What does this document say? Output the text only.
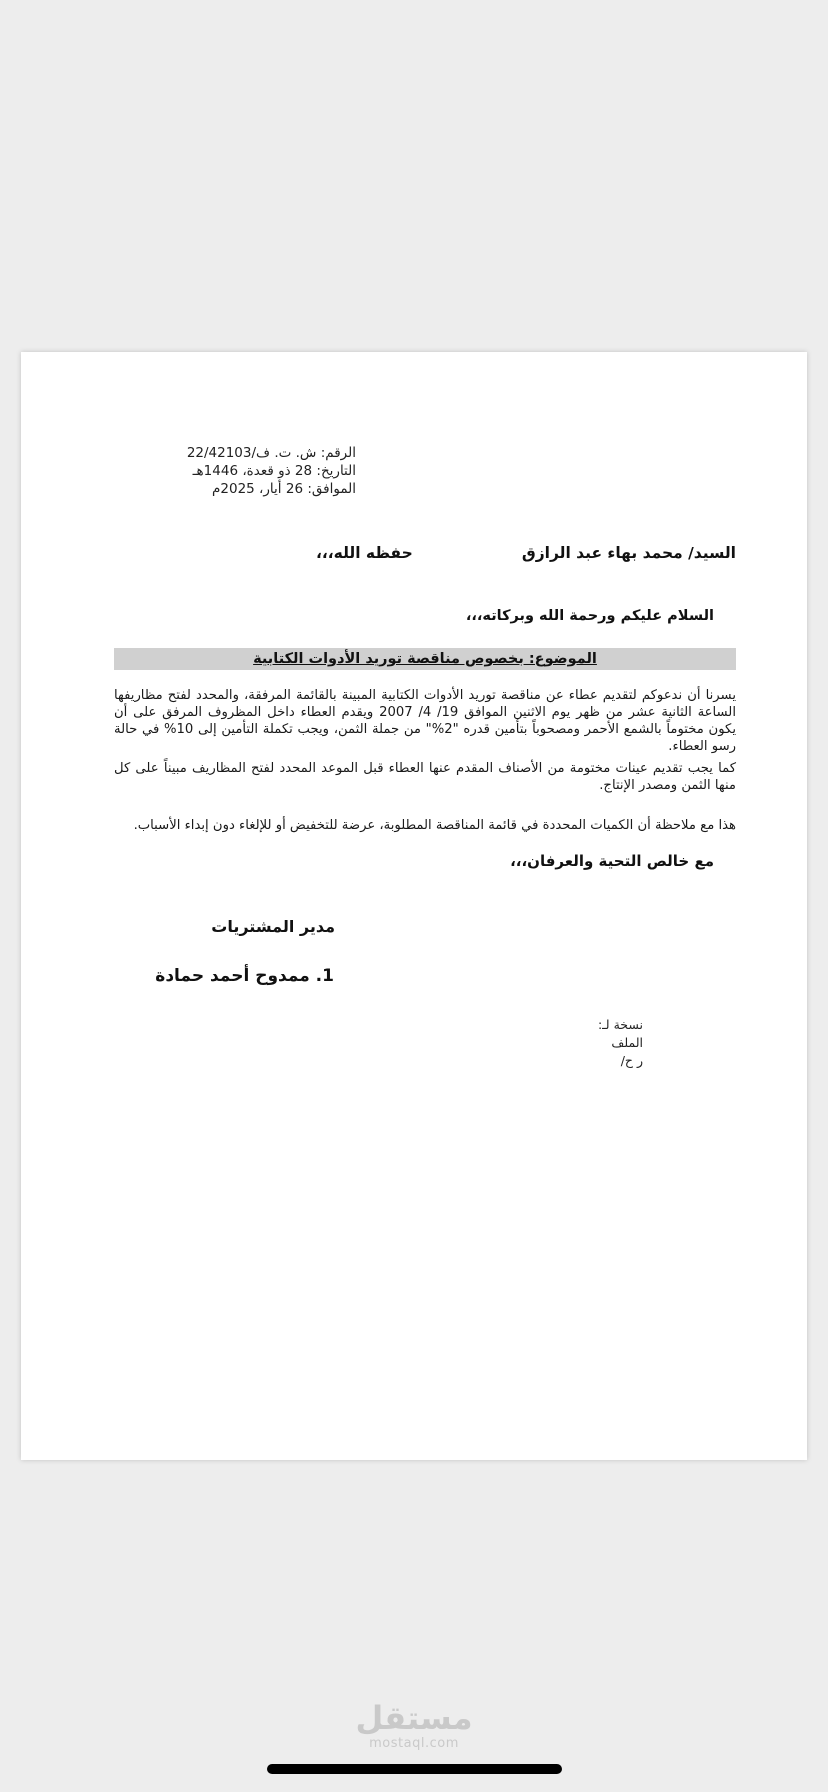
الرقم: ش. ت. ف/22/42103
التاريخ: 28 ذو قعدة، 1446هـ
الموافق: 26 أيار، 2025م
السيد/ محمد بهاء عبد الرازق
حفظه الله،،،
السلام عليكم ورحمة الله وبركاته،،،
الموضوع: بخصوص مناقصة توريد الأدوات الكتابية
يسرنا أن ندعوكم لتقديم عطاء عن مناقصة توريد الأدوات الكتابية المبينة بالقائمة المرفقة، والمحدد لفتح مظاريفها الساعة الثانية عشر من ظهر يوم الاثنين الموافق 19/ 4/ 2007 ويقدم العطاء داخل المظروف المرفق على أن يكون مختوماً بالشمع الأحمر ومصحوباً بتأمين قدره "2%" من جملة الثمن، ويجب تكملة التأمين إلى 10% في حالة رسو العطاء.
كما يجب تقديم عينات مختومة من الأصناف المقدم عنها العطاء قبل الموعد المحدد لفتح المظاريف مبيناً على كل منها الثمن ومصدر الإنتاج.
هذا مع ملاحظة أن الكميات المحددة في قائمة المناقصة المطلوبة، عرضة للتخفيض أو للإلغاء دون إبداء الأسباب.
مع خالص التحية والعرفان،،،
مدير المشتريات
1. ممدوح أحمد حمادة
نسخة لـ:
الملف
ر ح/
مستقل
mostaql.com
